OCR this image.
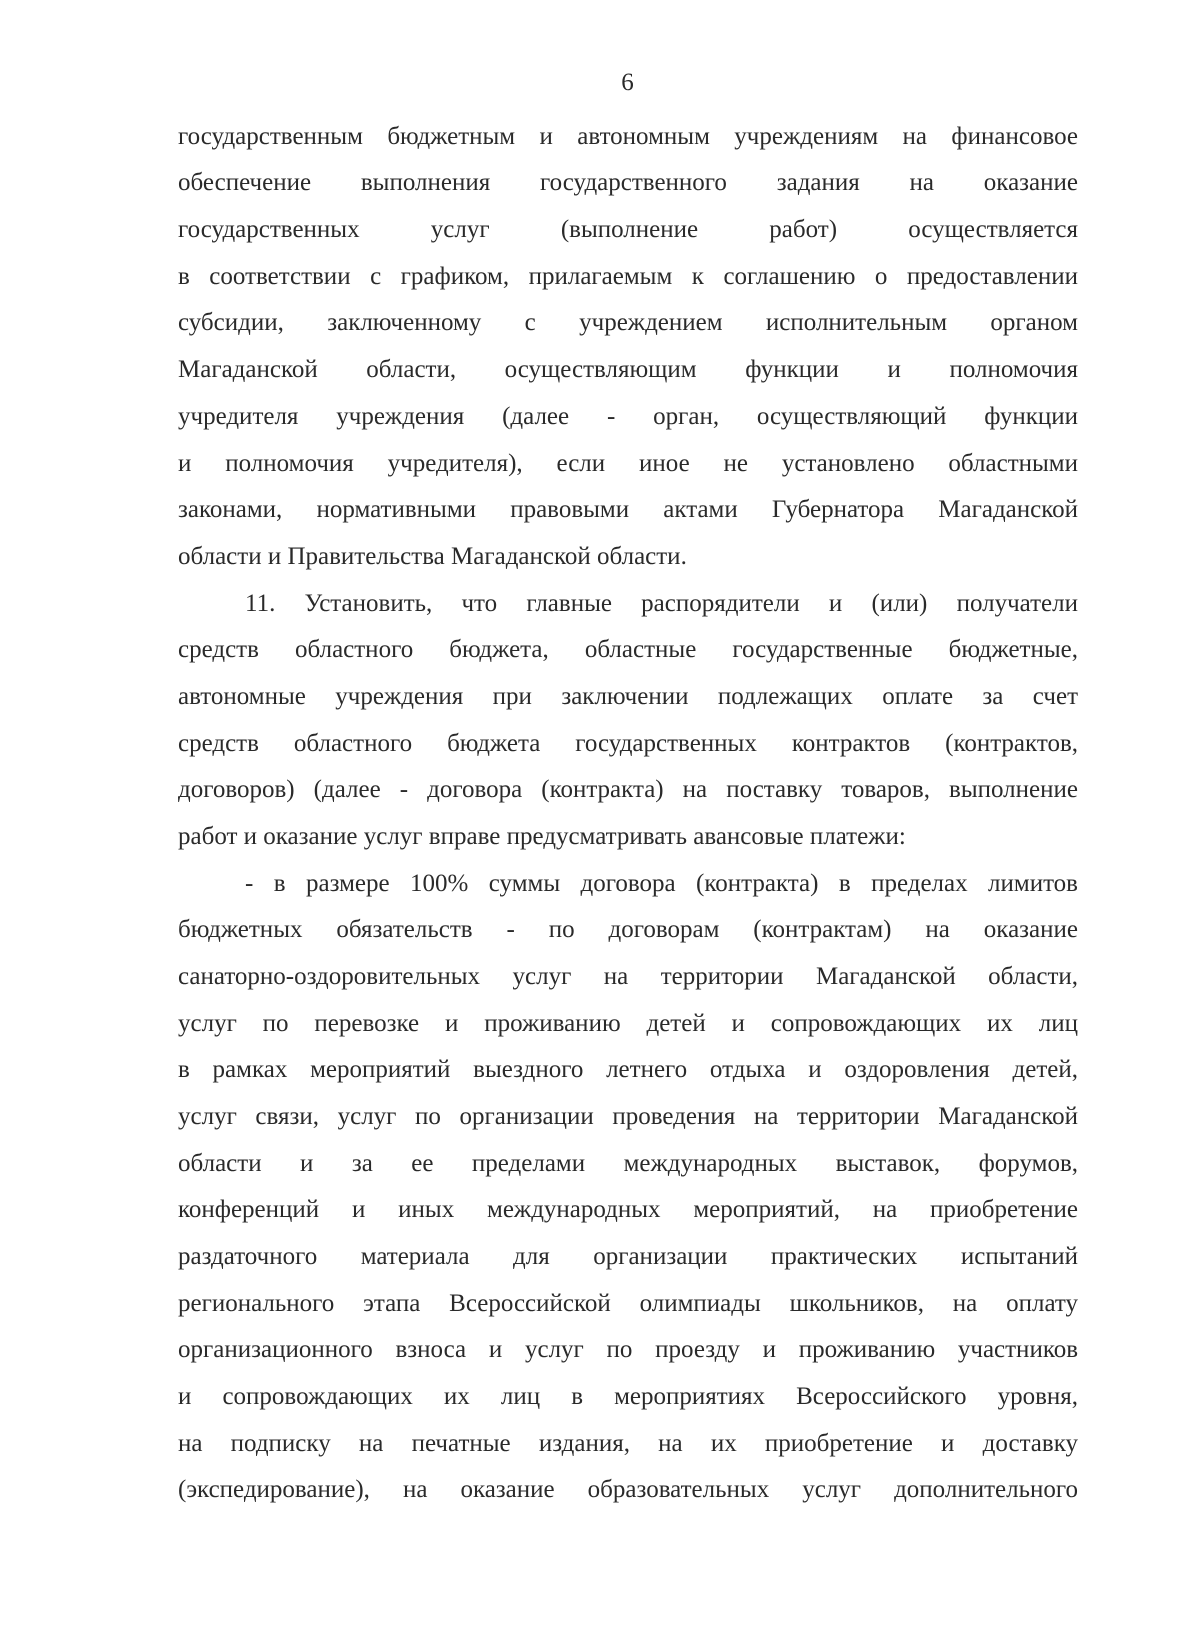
6
государственным бюджетным и автономным учреждениям на финансовое
обеспечение выполнения государственного задания на оказание
государственных услуг (выполнение работ) осуществляется
в соответствии с графиком, прилагаемым к соглашению о предоставлении
субсидии, заключенному с учреждением исполнительным органом
Магаданской области, осуществляющим функции и полномочия
учредителя учреждения (далее - орган, осуществляющий функции
и полномочия учредителя), если иное не установлено областными
законами, нормативными правовыми актами Губернатора Магаданской
области и Правительства Магаданской области.
11. Установить, что главные распорядители и (или) получатели
средств областного бюджета, областные государственные бюджетные,
автономные учреждения при заключении подлежащих оплате за счет
средств областного бюджета государственных контрактов (контрактов,
договоров) (далее - договора (контракта) на поставку товаров, выполнение
работ и оказание услуг вправе предусматривать авансовые платежи:
- в размере 100% суммы договора (контракта) в пределах лимитов
бюджетных обязательств - по договорам (контрактам) на оказание
санаторно-оздоровительных услуг на территории Магаданской области,
услуг по перевозке и проживанию детей и сопровождающих их лиц
в рамках мероприятий выездного летнего отдыха и оздоровления детей,
услуг связи, услуг по организации проведения на территории Магаданской
области и за ее пределами международных выставок, форумов,
конференций и иных международных мероприятий, на приобретение
раздаточного материала для организации практических испытаний
регионального этапа Всероссийской олимпиады школьников, на оплату
организационного взноса и услуг по проезду и проживанию участников
и сопровождающих их лиц в мероприятиях Всероссийского уровня,
на подписку на печатные издания, на их приобретение и доставку
(экспедирование), на оказание образовательных услуг дополнительного
